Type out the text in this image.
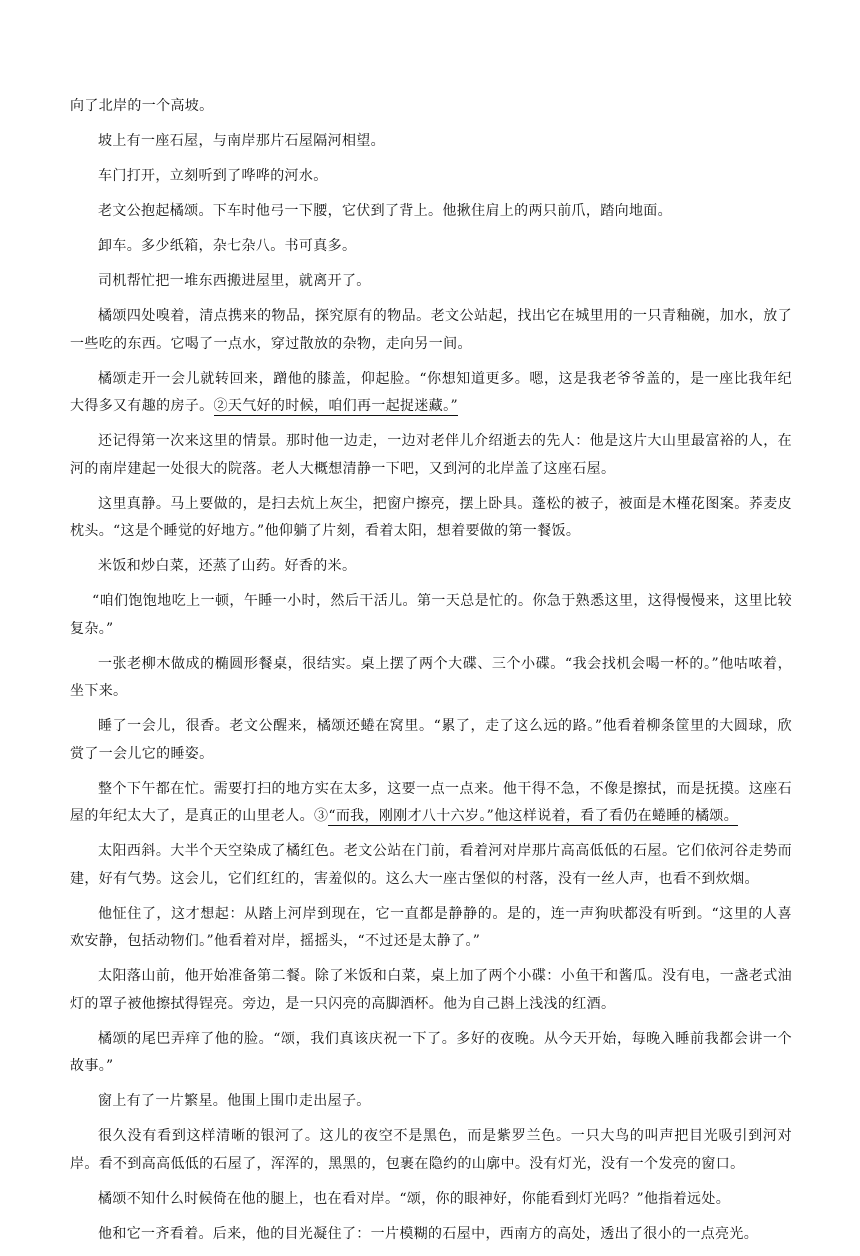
向了北岸的一个高坡。

坡上有一座石屋，与南岸那片石屋隔河相望。

车门打开，立刻听到了哗哗的河水。

老文公抱起橘颂。下车时他弓一下腰，它伏到了背上。他揪住肩上的两只前爪，踏向地面。

卸车。多少纸箱，杂七杂八。书可真多。

司机帮忙把一堆东西搬进屋里，就离开了。

橘颂四处嗅着，清点携来的物品，探究原有的物品。老文公站起，找出它在城里用的一只青釉碗，加水，放了一些吃的东西。它喝了一点水，穿过散放的杂物，走向另一间。

橘颂走开一会儿就转回来，蹭他的膝盖，仰起脸。“你想知道更多。嗯，这是我老爷爷盖的，是一座比我年纪大得多又有趣的房子。②天气好的时候，咱们再一起捉迷藏。”

还记得第一次来这里的情景。那时他一边走，一边对老伴儿介绍逝去的先人：他是这片大山里最富裕的人，在河的南岸建起一处很大的院落。老人大概想清静一下吧，又到河的北岸盖了这座石屋。

这里真静。马上要做的，是扫去炕上灰尘，把窗户擦亮，摆上卧具。蓬松的被子，被面是木槿花图案。荞麦皮枕头。“这是个睡觉的好地方。”他仰躺了片刻，看着太阳，想着要做的第一餐饭。

米饭和炒白菜，还蒸了山药。好香的米。

“咱们饱饱地吃上一顿，午睡一小时，然后干活儿。第一天总是忙的。你急于熟悉这里，这得慢慢来，这里比较复杂。”

一张老柳木做成的椭圆形餐桌，很结实。桌上摆了两个大碟、三个小碟。“我会找机会喝一杯的。”他咕哝着，坐下来。

睡了一会儿，很香。老文公醒来，橘颂还蜷在窝里。“累了，走了这么远的路。”他看着柳条筐里的大圆球，欣赏了一会儿它的睡姿。

整个下午都在忙。需要打扫的地方实在太多，这要一点一点来。他干得不急，不像是擦拭，而是抚摸。这座石屋的年纪太大了，是真正的山里老人。③“而我，刚刚才八十六岁。”他这样说着，看了看仍在蜷睡的橘颂。

太阳西斜。大半个天空染成了橘红色。老文公站在门前，看着河对岸那片高高低低的石屋。它们依河谷走势而建，好有气势。这会儿，它们红红的，害羞似的。这么大一座古堡似的村落，没有一丝人声，也看不到炊烟。

他怔住了，这才想起：从踏上河岸到现在，它一直都是静静的。是的，连一声狗吠都没有听到。“这里的人喜欢安静，包括动物们。”他看着对岸，摇摇头，“不过还是太静了。”

太阳落山前，他开始准备第二餐。除了米饭和白菜，桌上加了两个小碟：小鱼干和酱瓜。没有电，一盏老式油灯的罩子被他擦拭得锃亮。旁边，是一只闪亮的高脚酒杯。他为自己斟上浅浅的红酒。

橘颂的尾巴弄痒了他的脸。“颂，我们真该庆祝一下了。多好的夜晚。从今天开始，每晚入睡前我都会讲一个故事。”

窗上有了一片繁星。他围上围巾走出屋子。

很久没有看到这样清晰的银河了。这儿的夜空不是黑色，而是紫罗兰色。一只大鸟的叫声把目光吸引到河对岸。看不到高高低低的石屋了，浑浑的，黑黑的，包裹在隐约的山廓中。没有灯光，没有一个发亮的窗口。

橘颂不知什么时候倚在他的腿上，也在看对岸。“颂，你的眼神好，你能看到灯光吗？”他指着远处。

他和它一齐看着。后来，他的目光凝住了：一片模糊的石屋中，西南方的高处，透出了很小的一点亮光。
